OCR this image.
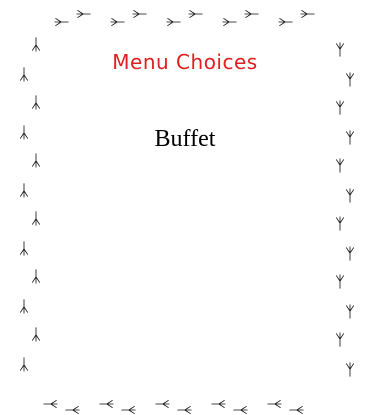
Menu Choices
Buffet
